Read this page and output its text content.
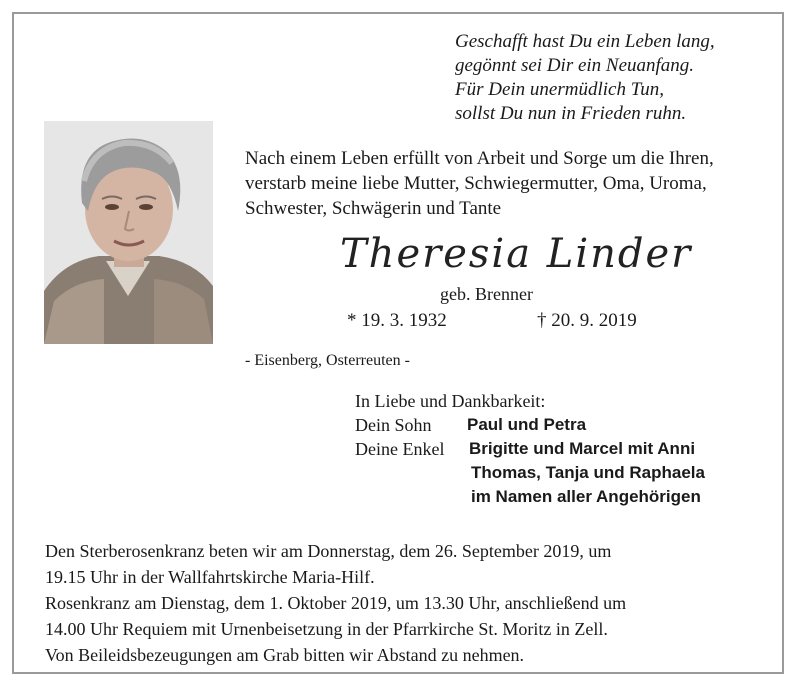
Geschafft hast Du ein Leben lang,
gegönnt sei Dir ein Neuanfang.
Für Dein unermüdlich Tun,
sollst Du nun in Frieden ruhn.
Nach einem Leben erfüllt von Arbeit und Sorge um die Ihren,
verstarb meine liebe Mutter, Schwiegermutter, Oma, Uroma,
Schwester, Schwägerin und Tante
Theresia Linder
geb. Brenner
* 19. 3. 1932	† 20. 9. 2019
- Eisenberg, Osterreuten -
In Liebe und Dankbarkeit:
Dein Sohn Paul und Petra
Deine Enkel Brigitte und Marcel mit Anni
Thomas, Tanja und Raphaela
im Namen aller Angehörigen
Den Sterberosenkranz beten wir am Donnerstag, dem 26. September 2019, um
19.15 Uhr in der Wallfahrtskirche Maria-Hilf.
Rosenkranz am Dienstag, dem 1. Oktober 2019, um 13.30 Uhr, anschließend um
14.00 Uhr Requiem mit Urnenbeisetzung in der Pfarrkirche St. Moritz in Zell.
Von Beileidsbezeugungen am Grab bitten wir Abstand zu nehmen.
